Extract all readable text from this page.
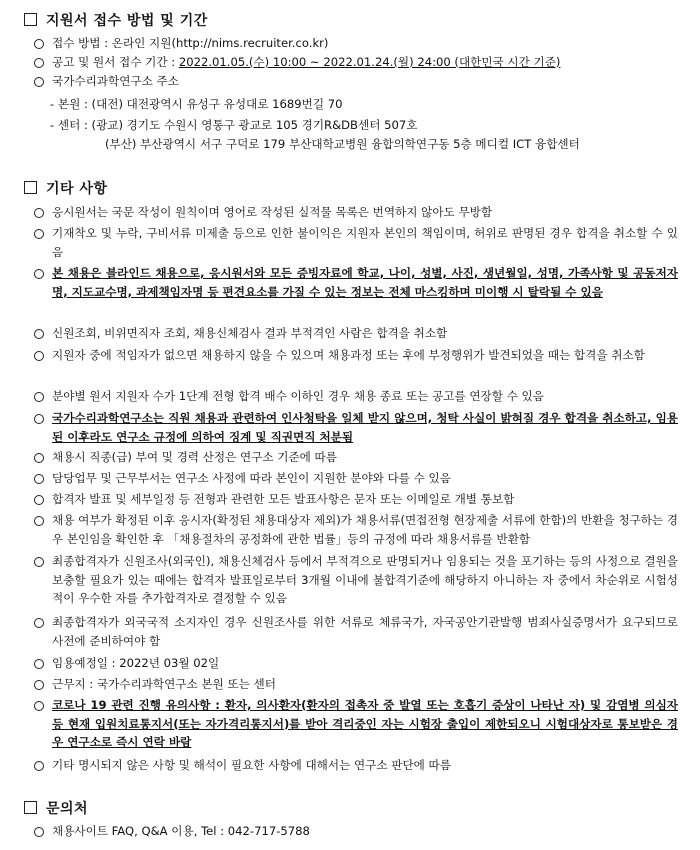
지원서 접수 방법 및 기간
접수 방법 : 온라인 지원(http://nims.recruiter.co.kr)
공고 및 원서 접수 기간 : 2022.01.05.(수) 10:00 ~ 2022.01.24.(월) 24:00 (대한민국 시간 기준)
국가수리과학연구소 주소
- 본원 : (대전) 대전광역시 유성구 유성대로 1689번길 70
- 센터 : (광교) 경기도 수원시 영통구 광교로 105 경기R&DB센터 507호
(부산) 부산광역시 서구 구덕로 179 부산대학교병원 융합의학연구동 5층 메디컬 ICT 융합센터
기타 사항
응시원서는 국문 작성이 원칙이며 영어로 작성된 실적물 목록은 번역하지 않아도 무방함
기재착오 및 누락, 구비서류 미제출 등으로 인한 불이익은 지원자 본인의 책임이며, 허위로 판명된 경우 합격을 취소할 수 있음
본 채용은 블라인드 채용으로, 응시원서와 모든 증빙자료에 학교, 나이, 성별, 사진, 생년월일, 성명, 가족사항 및 공동저자명, 지도교수명, 과제책임자명 등 편견요소를 가질 수 있는 정보는 전체 마스킹하며 미이행 시 탈락될 수 있음
신원조회, 비위면직자 조회, 채용신체검사 결과 부적격인 사람은 합격을 취소함
지원자 중에 적임자가 없으면 채용하지 않을 수 있으며 채용과정 또는 후에 부정행위가 발견되었을 때는 합격을 취소함
분야별 원서 지원자 수가 1단계 전형 합격 배수 이하인 경우 채용 종료 또는 공고를 연장할 수 있음
국가수리과학연구소는 직원 채용과 관련하여 인사청탁을 일체 받지 않으며, 청탁 사실이 밝혀질 경우 합격을 취소하고, 임용된 이후라도 연구소 규정에 의하여 징계 및 직권면직 처분됨
채용시 직종(급) 부여 및 경력 산정은 연구소 기준에 따름
담당업무 및 근무부서는 연구소 사정에 따라 본인이 지원한 분야와 다를 수 있음
합격자 발표 및 세부일정 등 전형과 관련한 모든 발표사항은 문자 또는 이메일로 개별 통보함
채용 여부가 확정된 이후 응시자(확정된 채용대상자 제외)가 채용서류(면접전형 현장제출 서류에 한함)의 반환을 청구하는 경우 본인임을 확인한 후 「채용절차의 공정화에 관한 법률」등의 규정에 따라 채용서류를 반환함
최종합격자가 신원조사(외국인), 채용신체검사 등에서 부적격으로 판명되거나 임용되는 것을 포기하는 등의 사정으로 결원을 보충할 필요가 있는 때에는 합격자 발표일로부터 3개월 이내에 불합격기준에 해당하지 아니하는 자 중에서 차순위로 시험성적이 우수한 자를 추가합격자로 결정할 수 있음
최종합격자가 외국국적 소지자인 경우 신원조사를 위한 서류로 체류국가, 자국공안기관발행 범죄사실증명서가 요구되므로 사전에 준비하여야 함
임용예정일 : 2022년 03월 02일
근무지 : 국가수리과학연구소 본원 또는 센터
코로나 19 관련 진행 유의사항 : 환자, 의사환자(환자의 접촉자 중 발열 또는 호흡기 증상이 나타난 자) 및 감염병 의심자 등 현재 입원치료통지서(또는 자가격리통지서)를 받아 격리중인 자는 시험장 출입이 제한되오니 시험대상자로 통보받은 경우 연구소로 즉시 연락 바람
기타 명시되지 않은 사항 및 해석이 필요한 사항에 대해서는 연구소 판단에 따름
문의처
채용사이트 FAQ, Q&A 이용, Tel : 042-717-5788
